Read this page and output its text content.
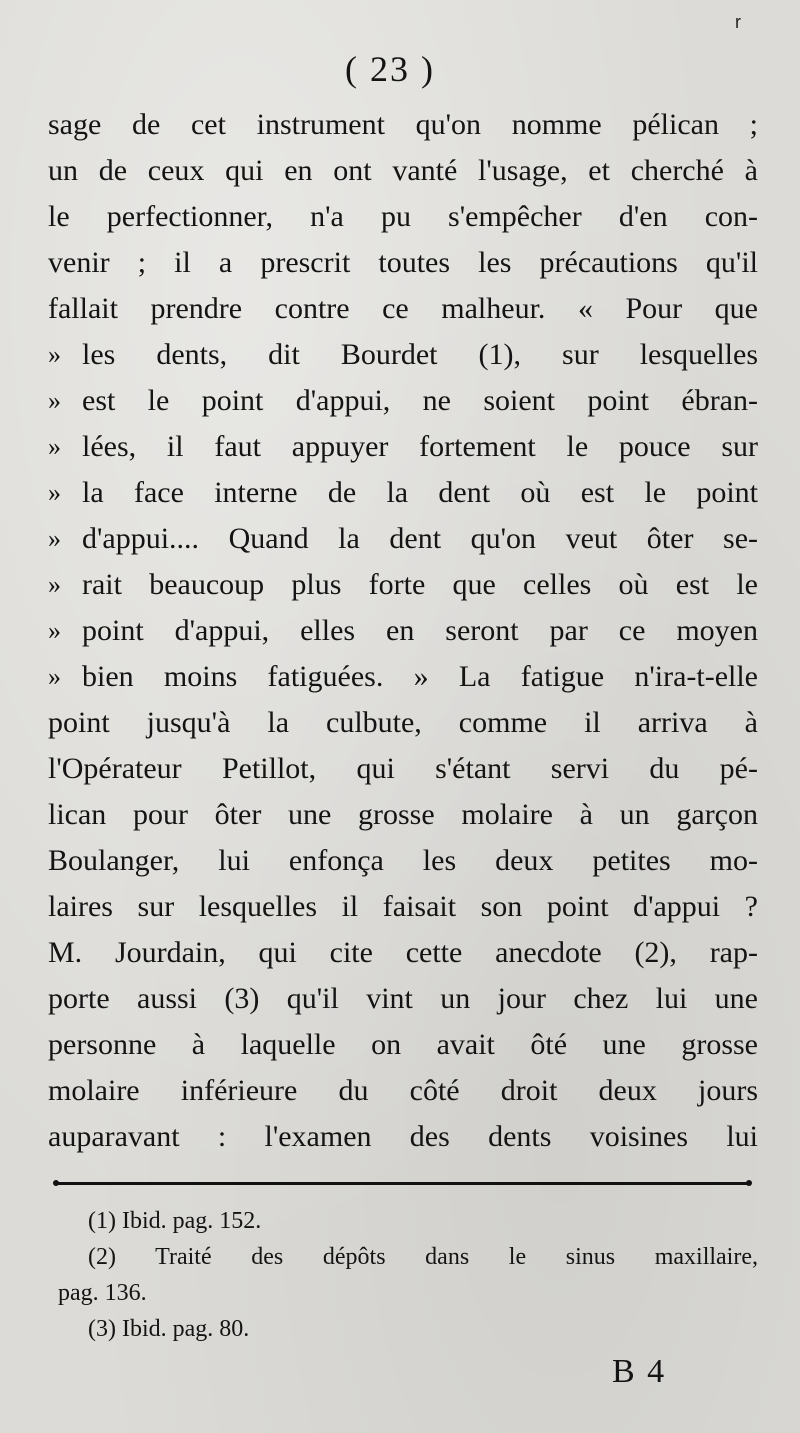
r
( 23 )
sage de cet instrument qu'on nomme pélican ;
un de ceux qui en ont vanté l'usage, et cherché à
le perfectionner, n'a pu s'empêcher d'en con-
venir ; il a prescrit toutes les précautions qu'il
fallait prendre contre ce malheur. « Pour que
» les dents, dit Bourdet (1), sur lesquelles
» est le point d'appui, ne soient point ébran-
» lées, il faut appuyer fortement le pouce sur
» la face interne de la dent où est le point
» d'appui.... Quand la dent qu'on veut ôter se-
» rait beaucoup plus forte que celles où est le
» point d'appui, elles en seront par ce moyen
» bien moins fatiguées. » La fatigue n'ira-t-elle
point jusqu'à la culbute, comme il arriva à
l'Opérateur Petillot, qui s'étant servi du pé-
lican pour ôter une grosse molaire à un garçon
Boulanger, lui enfonça les deux petites mo-
laires sur lesquelles il faisait son point d'appui ?
M. Jourdain, qui cite cette anecdote (2), rap-
porte aussi (3) qu'il vint un jour chez lui une
personne à laquelle on avait ôté une grosse
molaire inférieure du côté droit deux jours
auparavant : l'examen des dents voisines lui
(1) Ibid. pag. 152.
(2) Traité des dépôts dans le sinus maxillaire,
pag. 136.
(3) Ibid. pag. 80.
B 4
